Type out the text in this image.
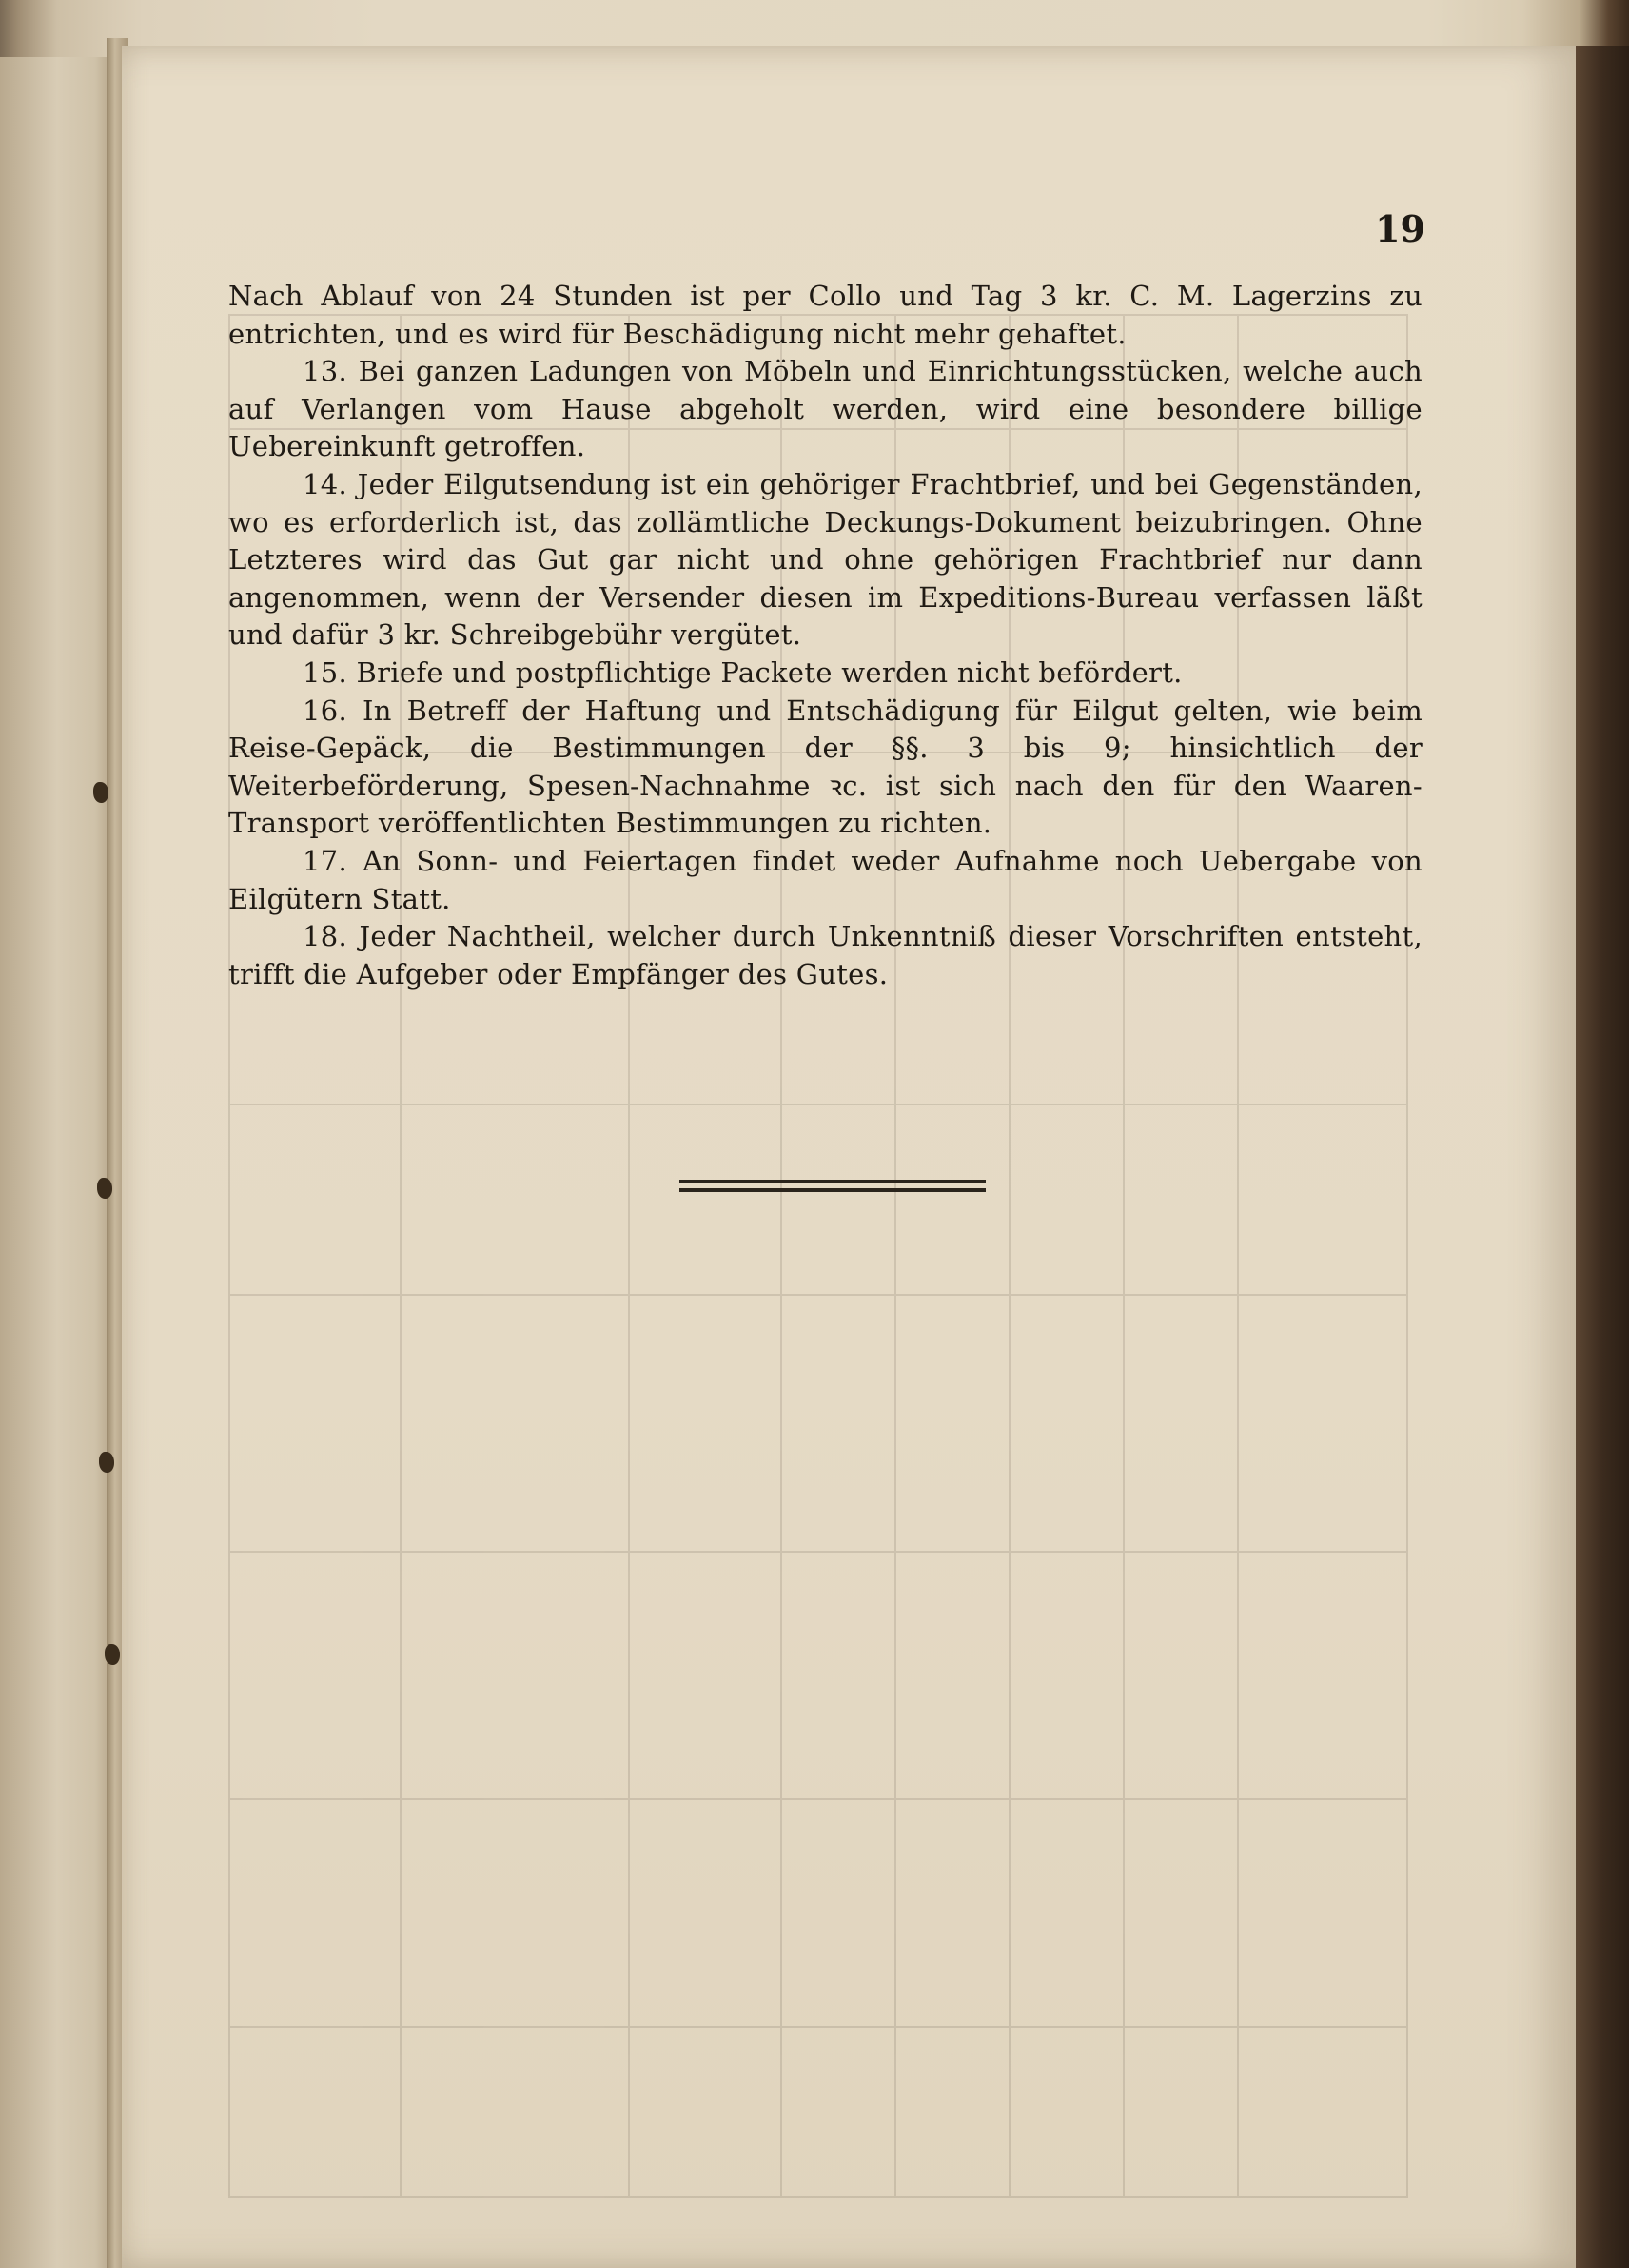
19

Nach Ablauf von 24 Stunden ist per Collo und Tag 3 kr. C. M. Lagerzins zu entrichten, und es wird für Beschädigung nicht mehr gehaftet.

13. Bei ganzen Ladungen von Möbeln und Einrichtungsstücken, welche auch auf Verlangen vom Hause abgeholt werden, wird eine besondere billige Uebereinkunft getroffen.

14. Jeder Eilgutsendung ist ein gehöriger Frachtbrief, und bei Gegenständen, wo es erforderlich ist, das zollämtliche Deckungs-Dokument beizubringen. Ohne Letzteres wird das Gut gar nicht und ohne gehörigen Frachtbrief nur dann angenommen, wenn der Versender diesen im Expeditions-Bureau verfassen läßt und dafür 3 kr. Schreibgebühr vergütet.

15. Briefe und postpflichtige Packete werden nicht befördert.

16. In Betreff der Haftung und Entschädigung für Eilgut gelten, wie beim Reise-Gepäck, die Bestimmungen der §§. 3 bis 9; hinsichtlich der Weiterbeförderung, Spesen-Nachnahme ꝛc. ist sich nach den für den Waaren-Transport veröffentlichten Bestimmungen zu richten.

17. An Sonn- und Feiertagen findet weder Aufnahme noch Uebergabe von Eilgütern Statt.

18. Jeder Nachtheil, welcher durch Unkenntniß dieser Vorschriften entsteht, trifft die Aufgeber oder Empfänger des Gutes.
